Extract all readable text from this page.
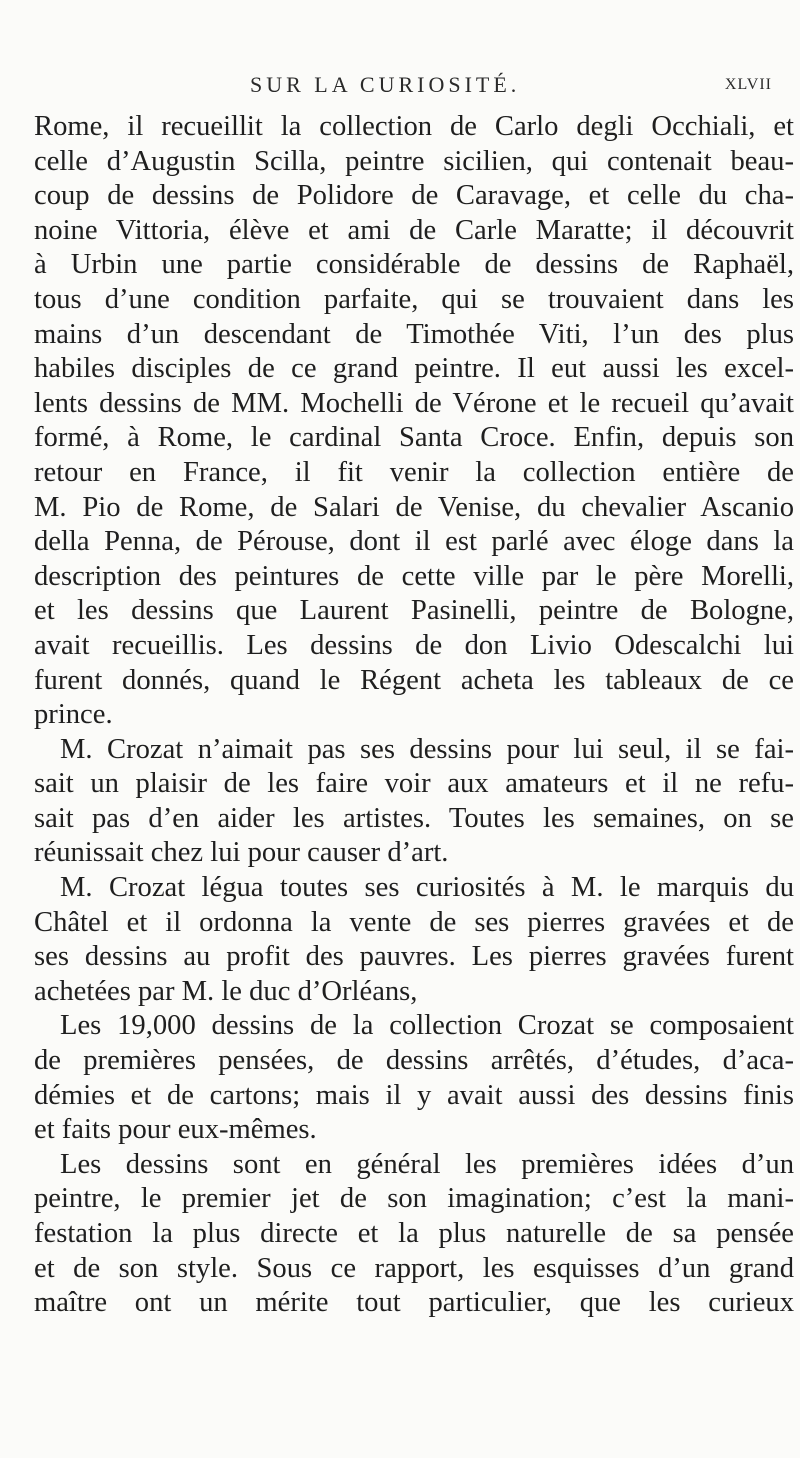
SUR LA CURIOSITÉ.	XLVII
Rome, il recueillit la collection de Carlo degli Occhiali, et
celle d’Augustin Scilla, peintre sicilien, qui contenait beau-
coup de dessins de Polidore de Caravage, et celle du cha-
noine Vittoria, élève et ami de Carle Maratte; il découvrit
à Urbin une partie considérable de dessins de Raphaël,
tous d’une condition parfaite, qui se trouvaient dans les
mains d’un descendant de Timothée Viti, l’un des plus
habiles disciples de ce grand peintre. Il eut aussi les excel-
lents dessins de MM. Mochelli de Vérone et le recueil qu’avait
formé, à Rome, le cardinal Santa Croce. Enfin, depuis son
retour en France, il fit venir la collection entière de
M. Pio de Rome, de Salari de Venise, du chevalier Ascanio
della Penna, de Pérouse, dont il est parlé avec éloge dans la
description des peintures de cette ville par le père Morelli,
et les dessins que Laurent Pasinelli, peintre de Bologne,
avait recueillis. Les dessins de don Livio Odescalchi lui
furent donnés, quand le Régent acheta les tableaux de ce
prince.
M. Crozat n’aimait pas ses dessins pour lui seul, il se fai-
sait un plaisir de les faire voir aux amateurs et il ne refu-
sait pas d’en aider les artistes. Toutes les semaines, on se
réunissait chez lui pour causer d’art.
M. Crozat légua toutes ses curiosités à M. le marquis du
Châtel et il ordonna la vente de ses pierres gravées et de
ses dessins au profit des pauvres. Les pierres gravées furent
achetées par M. le duc d’Orléans,
Les 19,000 dessins de la collection Crozat se composaient
de premières pensées, de dessins arrêtés, d’études, d’aca-
démies et de cartons; mais il y avait aussi des dessins finis
et faits pour eux-mêmes.
Les dessins sont en général les premières idées d’un
peintre, le premier jet de son imagination; c’est la mani-
festation la plus directe et la plus naturelle de sa pensée
et de son style. Sous ce rapport, les esquisses d’un grand
maître ont un mérite tout particulier, que les curieux
